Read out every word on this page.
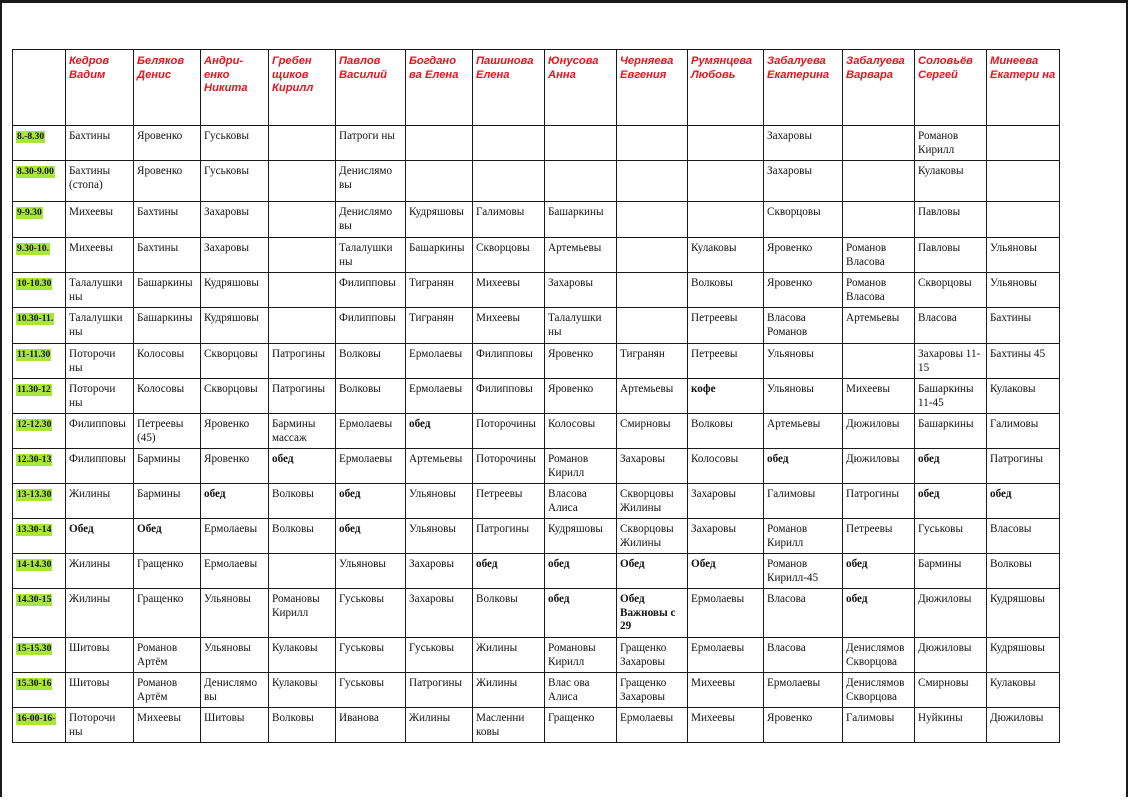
	Кедров Вадим	Беляков Денис	Андри-енко Никита	Гребен щиков Кирилл	Павлов Василий	Богдано ва Елена	Пашинова Елена	Юнусова Анна	Черняева Евгения	Румянцева Любовь	Забалуева Екатерина	Забалуева Варвара	Соловьёв Сергей	Минеева Екатери на
8.-8.30	Бахтины	Яровенко	Гуськовы		Патроги ны						Захаровы		Романов Кирилл	
8.30-9.00	Бахтины (стопа)	Яровенко	Гуськовы		Денислямо вы						Захаровы		Кулаковы	
9-9.30	Михеевы	Бахтины	Захаровы		Денислямо вы	Кудряшовы	Галимовы	Башаркины			Скворцовы		Павловы	
9.30-10.	Михеевы	Бахтины	Захаровы		Талалушки ны	Башаркины	Скворцовы	Артемьевы		Кулаковы	Яровенко	Романов Власова	Павловы	Ульяновы
10-10.30	Талалушки ны	Башаркины	Кудряшовы		Филипповы	Тигранян	Михеевы	Захаровы		Волковы	Яровенко	Романов Власова	Скворцовы	Ульяновы
10.30-11.	Талалушки ны	Башаркины	Кудряшовы		Филипповы	Тигранян	Михеевы	Талалушки ны		Петреевы	Власова Романов	Артемьевы	Власова	Бахтины
11-11.30	Поторочи ны	Колосовы	Скворцовы	Патрогины	Волковы	Ермолаевы	Филипповы	Яровенко	Тигранян	Петреевы	Ульяновы		Захаровы 11-15	Бахтины 45
11.30-12	Поторочи ны	Колосовы	Скворцовы	Патрогины	Волковы	Ермолаевы	Филипповы	Яровенко	Артемьевы	кофе	Ульяновы	Михеевы	Башаркины 11-45	Кулаковы
12-12.30	Филипповы	Петреевы (45)	Яровенко	Бармины массаж	Ермолаевы	обед	Поторочины	Колосовы	Смирновы	Волковы	Артемьевы	Дюжиловы	Башаркины	Галимовы
12.30-13	Филипповы	Бармины	Яровенко	обед	Ермолаевы	Артемьевы	Поторочины	Романов Кирилл	Захаровы	Колосовы	обед	Дюжиловы	обед	Патрогины
13-13.30	Жилины	Бармины	обед	Волковы	обед	Ульяновы	Петреевы	Власова Алиса	Скворцовы Жилины	Захаровы	Галимовы	Патрогины	обед	обед
13.30-14	Обед	Обед	Ермолаевы	Волковы	обед	Ульяновы	Патрогины	Кудряшовы	Скворцовы Жилины	Захаровы	Романов Кирилл	Петреевы	Гуськовы	Власовы
14-14.30	Жилины	Гращенко	Ермолаевы		Ульяновы	Захаровы	обед	обед	Обед	Обед	Романов Кирилл-45	обед	Бармины	Волковы
14.30-15	Жилины	Гращенко	Ульяновы	Романовы Кирилл	Гуськовы	Захаровы	Волковы	обед	Обед Важновы с 29	Ермолаевы	Власова	обед	Дюжиловы	Кудряшовы
15-15.30	Шитовы	Романов Артём	Ульяновы	Кулаковы	Гуськовы	Гуськовы	Жилины	Романовы Кирилл	Гращенко Захаровы	Ермолаевы	Власова	Денислямов Скворцова	Дюжиловы	Кудряшовы
15.30-16	Шитовы	Романов Артём	Денислямо вы	Кулаковы	Гуськовы	Патрогины	Жилины	Влас ова Алиса	Гращенко Захаровы	Михеевы	Ермолаевы	Денислямов Скворцова	Смирновы	Кулаковы
16-00-16-	Поторочи ны	Михеевы	Шитовы	Волковы	Иванова	Жилины	Масленни ковы	Гращенко	Ермолаевы	Михеевы	Яровенко	Галимовы	Нуйкины	Дюжиловы
